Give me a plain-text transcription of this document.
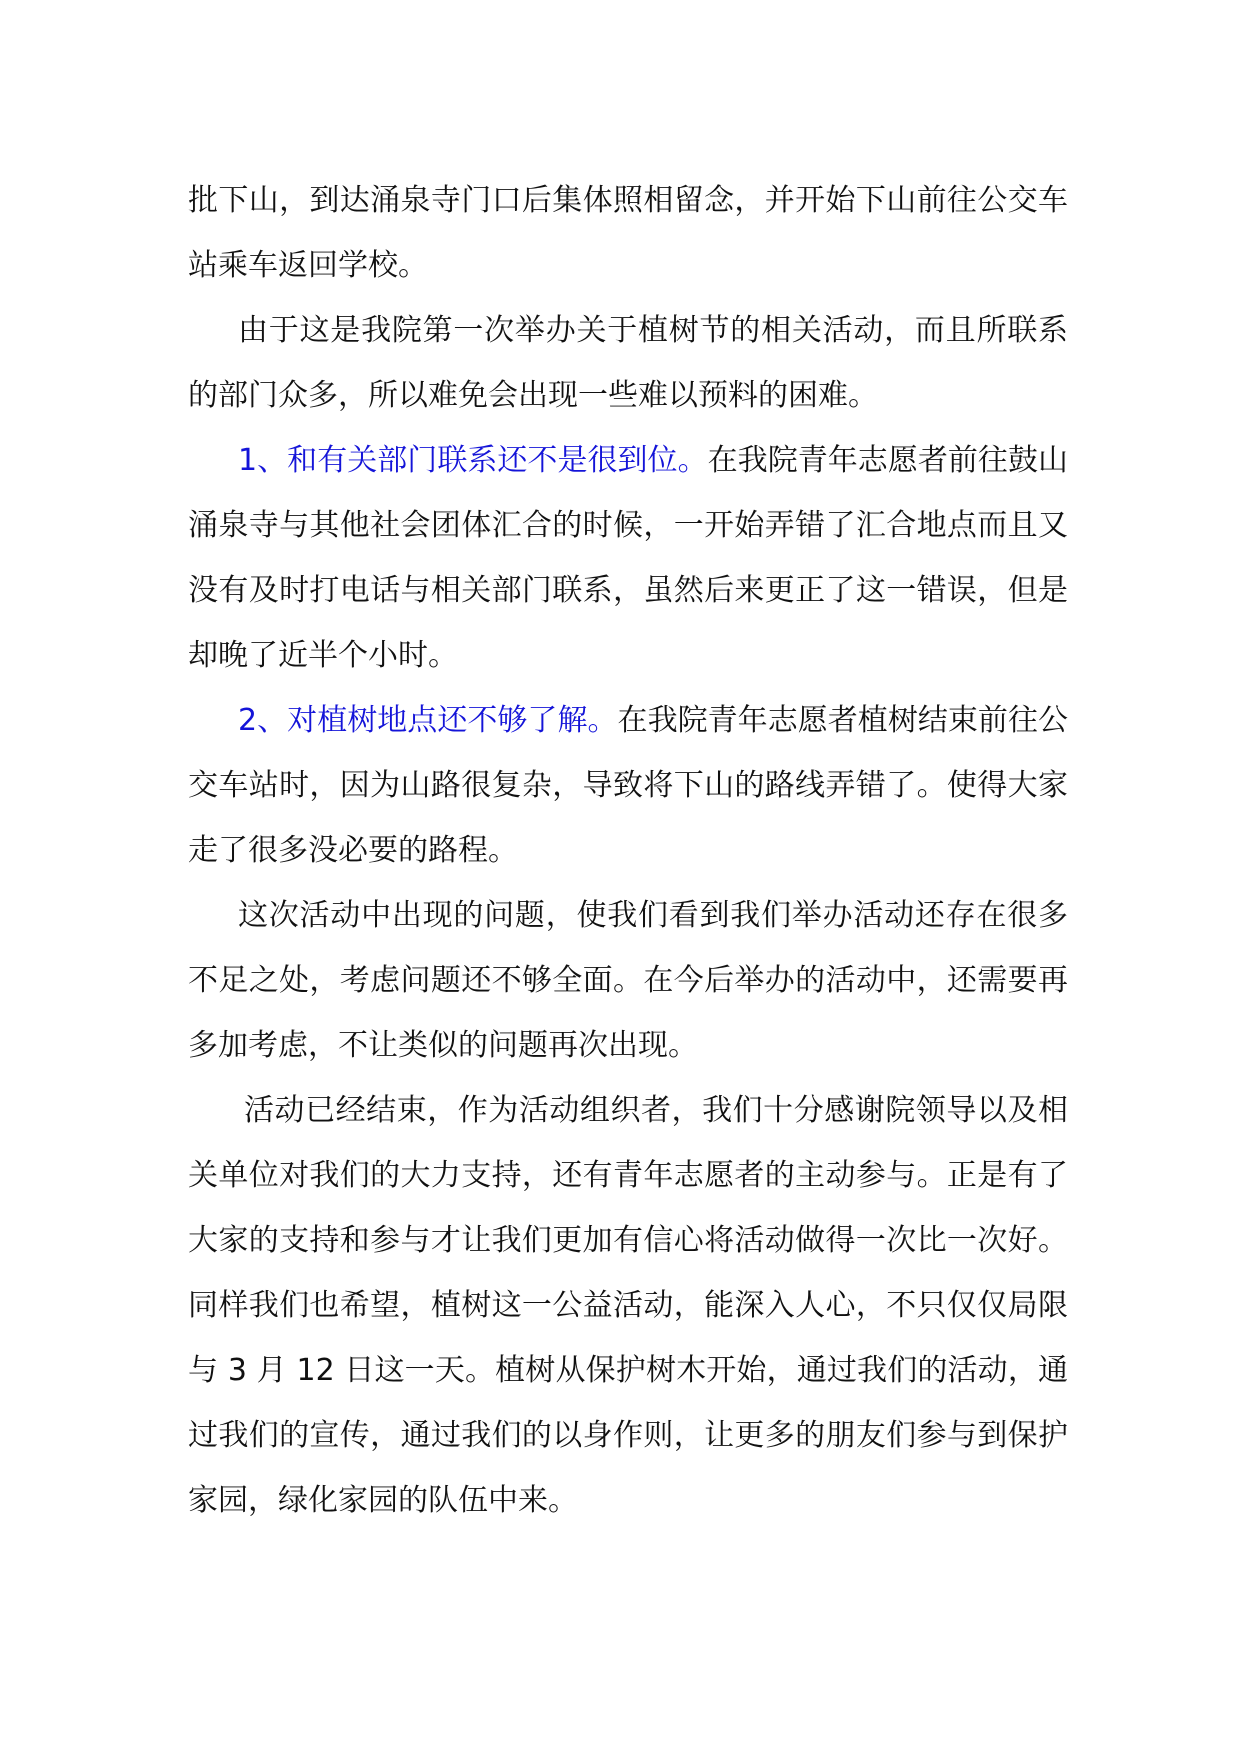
批下山，到达涌泉寺门口后集体照相留念，并开始下山前往公交车站乘车返回学校。

由于这是我院第一次举办关于植树节的相关活动，而且所联系的部门众多，所以难免会出现一些难以预料的困难。

1、和有关部门联系还不是很到位。在我院青年志愿者前往鼓山涌泉寺与其他社会团体汇合的时候，一开始弄错了汇合地点而且又没有及时打电话与相关部门联系，虽然后来更正了这一错误，但是却晚了近半个小时。

2、对植树地点还不够了解。在我院青年志愿者植树结束前往公交车站时，因为山路很复杂，导致将下山的路线弄错了。使得大家走了很多没必要的路程。

这次活动中出现的问题，使我们看到我们举办活动还存在很多不足之处，考虑问题还不够全面。在今后举办的活动中，还需要再多加考虑，不让类似的问题再次出现。

活动已经结束，作为活动组织者，我们十分感谢院领导以及相关单位对我们的大力支持，还有青年志愿者的主动参与。正是有了大家的支持和参与才让我们更加有信心将活动做得一次比一次好。同样我们也希望，植树这一公益活动，能深入人心，不只仅仅局限与 3 月 12 日这一天。植树从保护树木开始，通过我们的活动，通过我们的宣传，通过我们的以身作则，让更多的朋友们参与到保护家园，绿化家园的队伍中来。
